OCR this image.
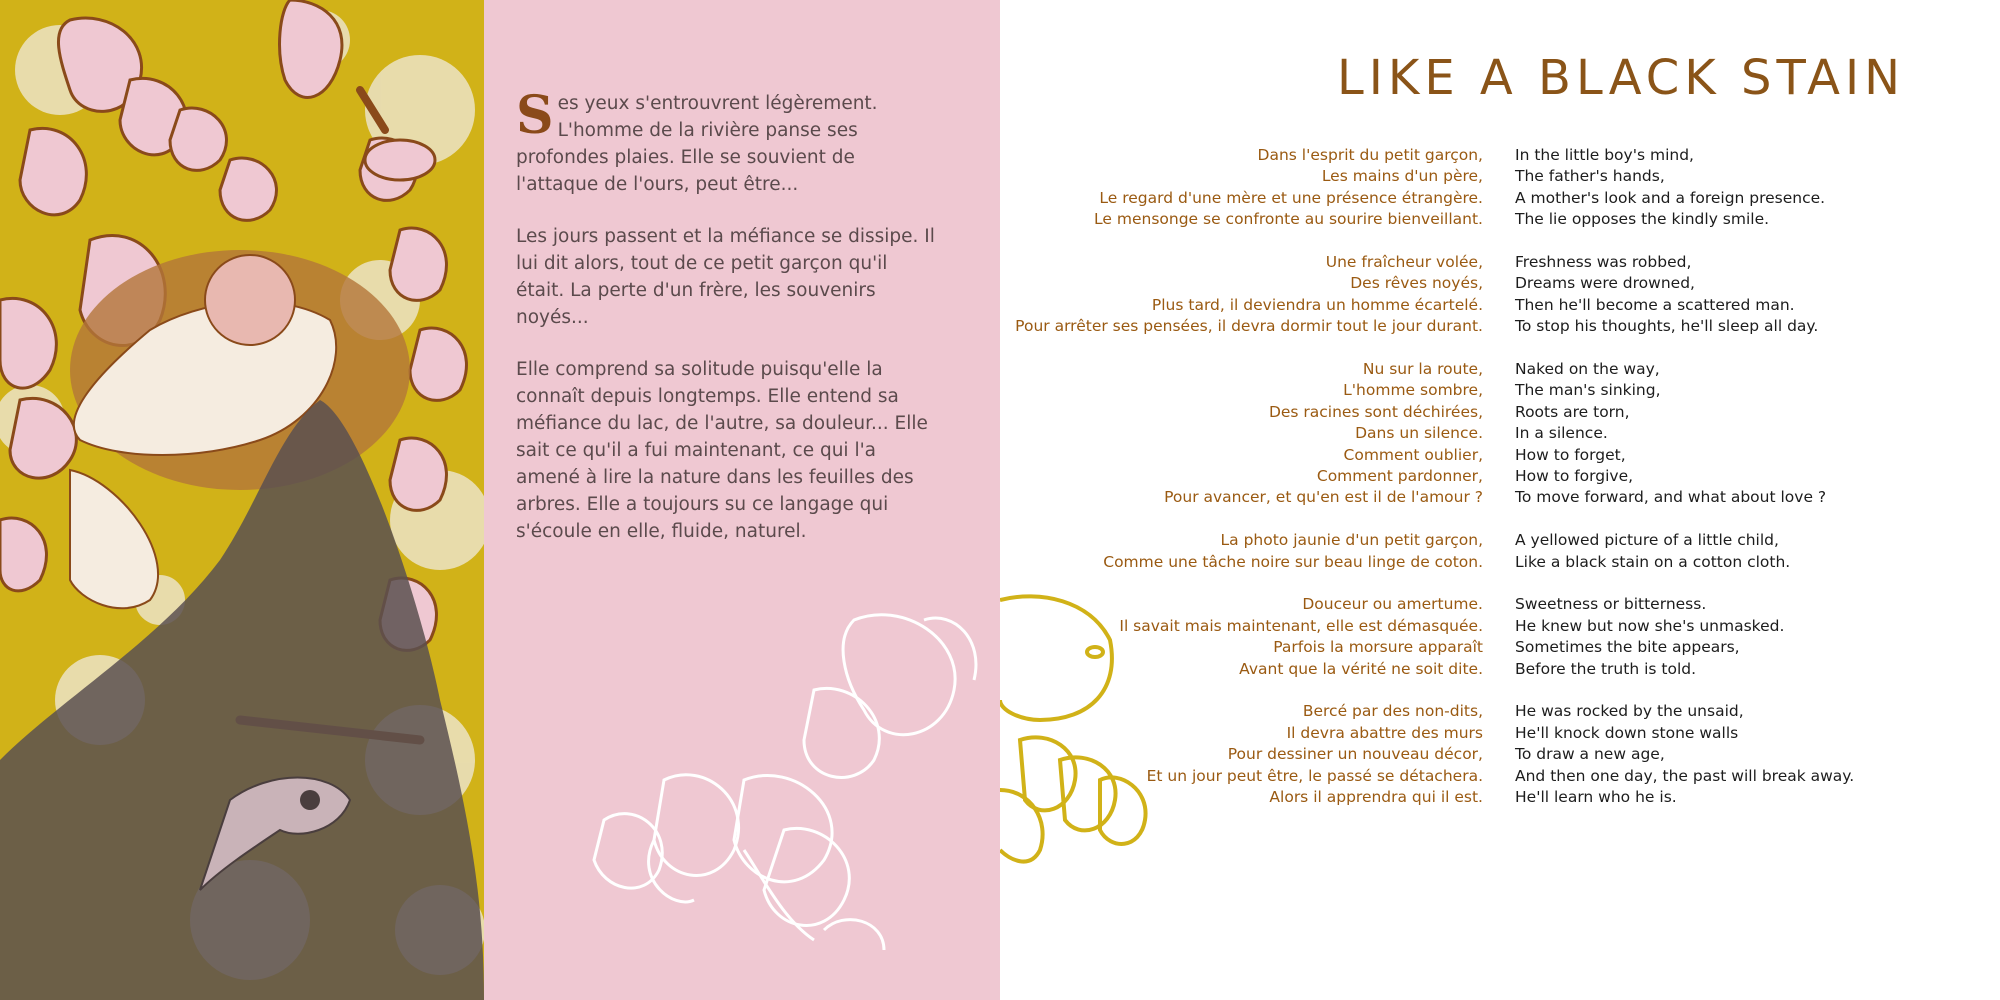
Ses yeux s'entrouvrent légèrement. L'homme de la rivière panse ses profondes plaies. Elle se souvient de l'attaque de l'ours, peut être...

Les jours passent et la méfiance se dissipe. Il lui dit alors, tout de ce petit garçon qu'il était. La perte d'un frère, les souvenirs noyés...

Elle comprend sa solitude puisqu'elle la connaît depuis longtemps. Elle entend sa méfiance du lac, de l'autre, sa douleur... Elle sait ce qu'il a fui maintenant, ce qui l'a amené à lire la nature dans les feuilles des arbres. Elle a toujours su ce langage qui s'écoule en elle, fluide, naturel.

LIKE A BLACK STAIN
Dans l'esprit du petit garçon,
Les mains d'un père,
Le regard d'une mère et une présence étrangère.
Le mensonge se confronte au sourire bienveillant.
In the little boy's mind,
The father's hands,
A mother's look and a foreign presence.
The lie opposes the kindly smile.
Une fraîcheur volée,
Des rêves noyés,
Plus tard, il deviendra un homme écartelé.
Pour arrêter ses pensées, il devra dormir tout le jour durant.
Freshness was robbed,
Dreams were drowned,
Then he'll become a scattered man.
To stop his thoughts, he'll sleep all day.
Nu sur la route,
L'homme sombre,
Des racines sont déchirées,
Dans un silence.
Comment oublier,
Comment pardonner,
Pour avancer, et qu'en est il de l'amour ?
Naked on the way,
The man's sinking,
Roots are torn,
In a silence.
How to forget,
How to forgive,
To move forward, and what about love ?
La photo jaunie d'un petit garçon,
Comme une tâche noire sur beau linge de coton.
A yellowed picture of a little child,
Like a black stain on a cotton cloth.
Douceur ou amertume.
Il savait mais maintenant, elle est démasquée.
Parfois la morsure apparaît
Avant que la vérité ne soit dite.
Sweetness or bitterness.
He knew but now she's unmasked.
Sometimes the bite appears,
Before the truth is told.
Bercé par des non-dits,
Il devra abattre des murs
Pour dessiner un nouveau décor,
Et un jour peut être, le passé se détachera.
Alors il apprendra qui il est.
He was rocked by the unsaid,
He'll knock down stone walls
To draw a new age,
And then one day, the past will break away.
He'll learn who he is.
